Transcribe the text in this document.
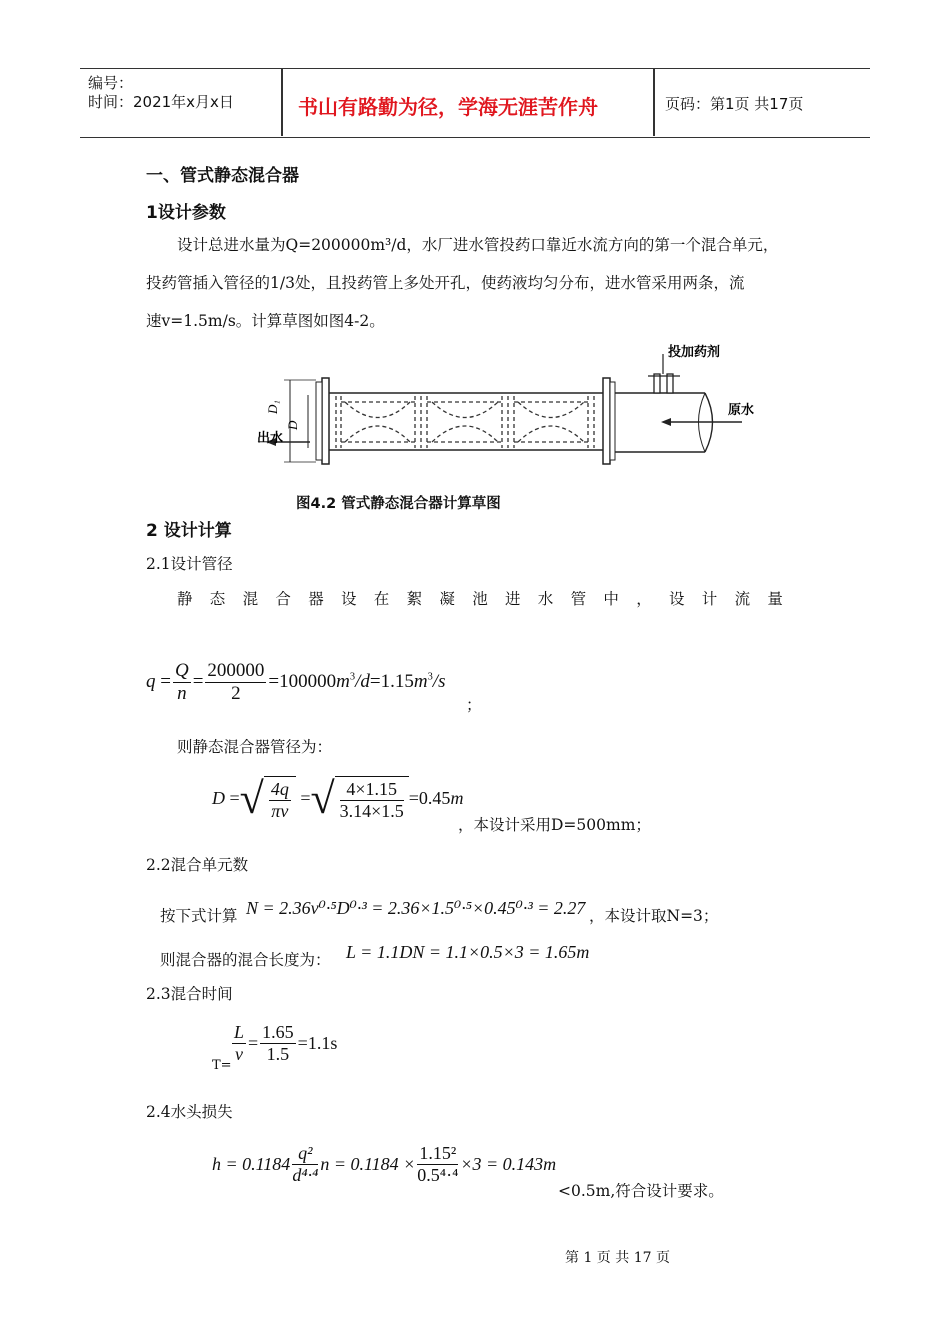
编号：
时间：2021年x月x日	书山有路勤为径，学海无涯苦作舟	页码：第1页 共17页
一、管式静态混合器
1设计参数
设计总进水量为Q=200000m³/d，水厂进水管投药口靠近水流方向的第一个混合单元，
投药管插入管径的1/3处，且投药管上多处开孔，使药液均匀分布，进水管采用两条，流
速v=1.5m/s。计算草图如图4-2。
D₁
D
出水
投加药剂
原水
图4.2 管式静态混合器计算草图
2 设计计算
2.1设计管径
静态混合器设在絮凝池进水管中，设计流量
$q = \frac{Q}{n} = \frac{200000}{2} =100000$ $m^3/d =1.15$ $m^3/s$
；
则静态混合器管径为：
D = √ $\frac{4q}{\pi v}$ = √ $\frac{4\times 1.15}{3.14\times 1.5} =0.45$ m
，本设计采用D=500mm；
2.2混合单元数
按下式计算 N = 2.36v⁰·⁵D⁰·³ = 2.36×1.5⁰·⁵×0.45⁰·³ = 2.27 ，本设计取N=3；
则混合器的混合长度为： L = 1.1DN = 1.1×0.5×3 = 1.65m
2.3混合时间
T=
$\frac{L}{v} = \frac{1.65}{1.5} =1.1s$
2.4水头损失
$h = 0.1184 \frac{\text{q²}}{\text{d⁴·⁴}}$ $n = 0.1184 \times \frac{\text{1.15²}}{\text{0.5⁴·⁴}} \times 3 = 0.143m$
<0.5m,符合设计要求。
第 1 页 共 17 页
